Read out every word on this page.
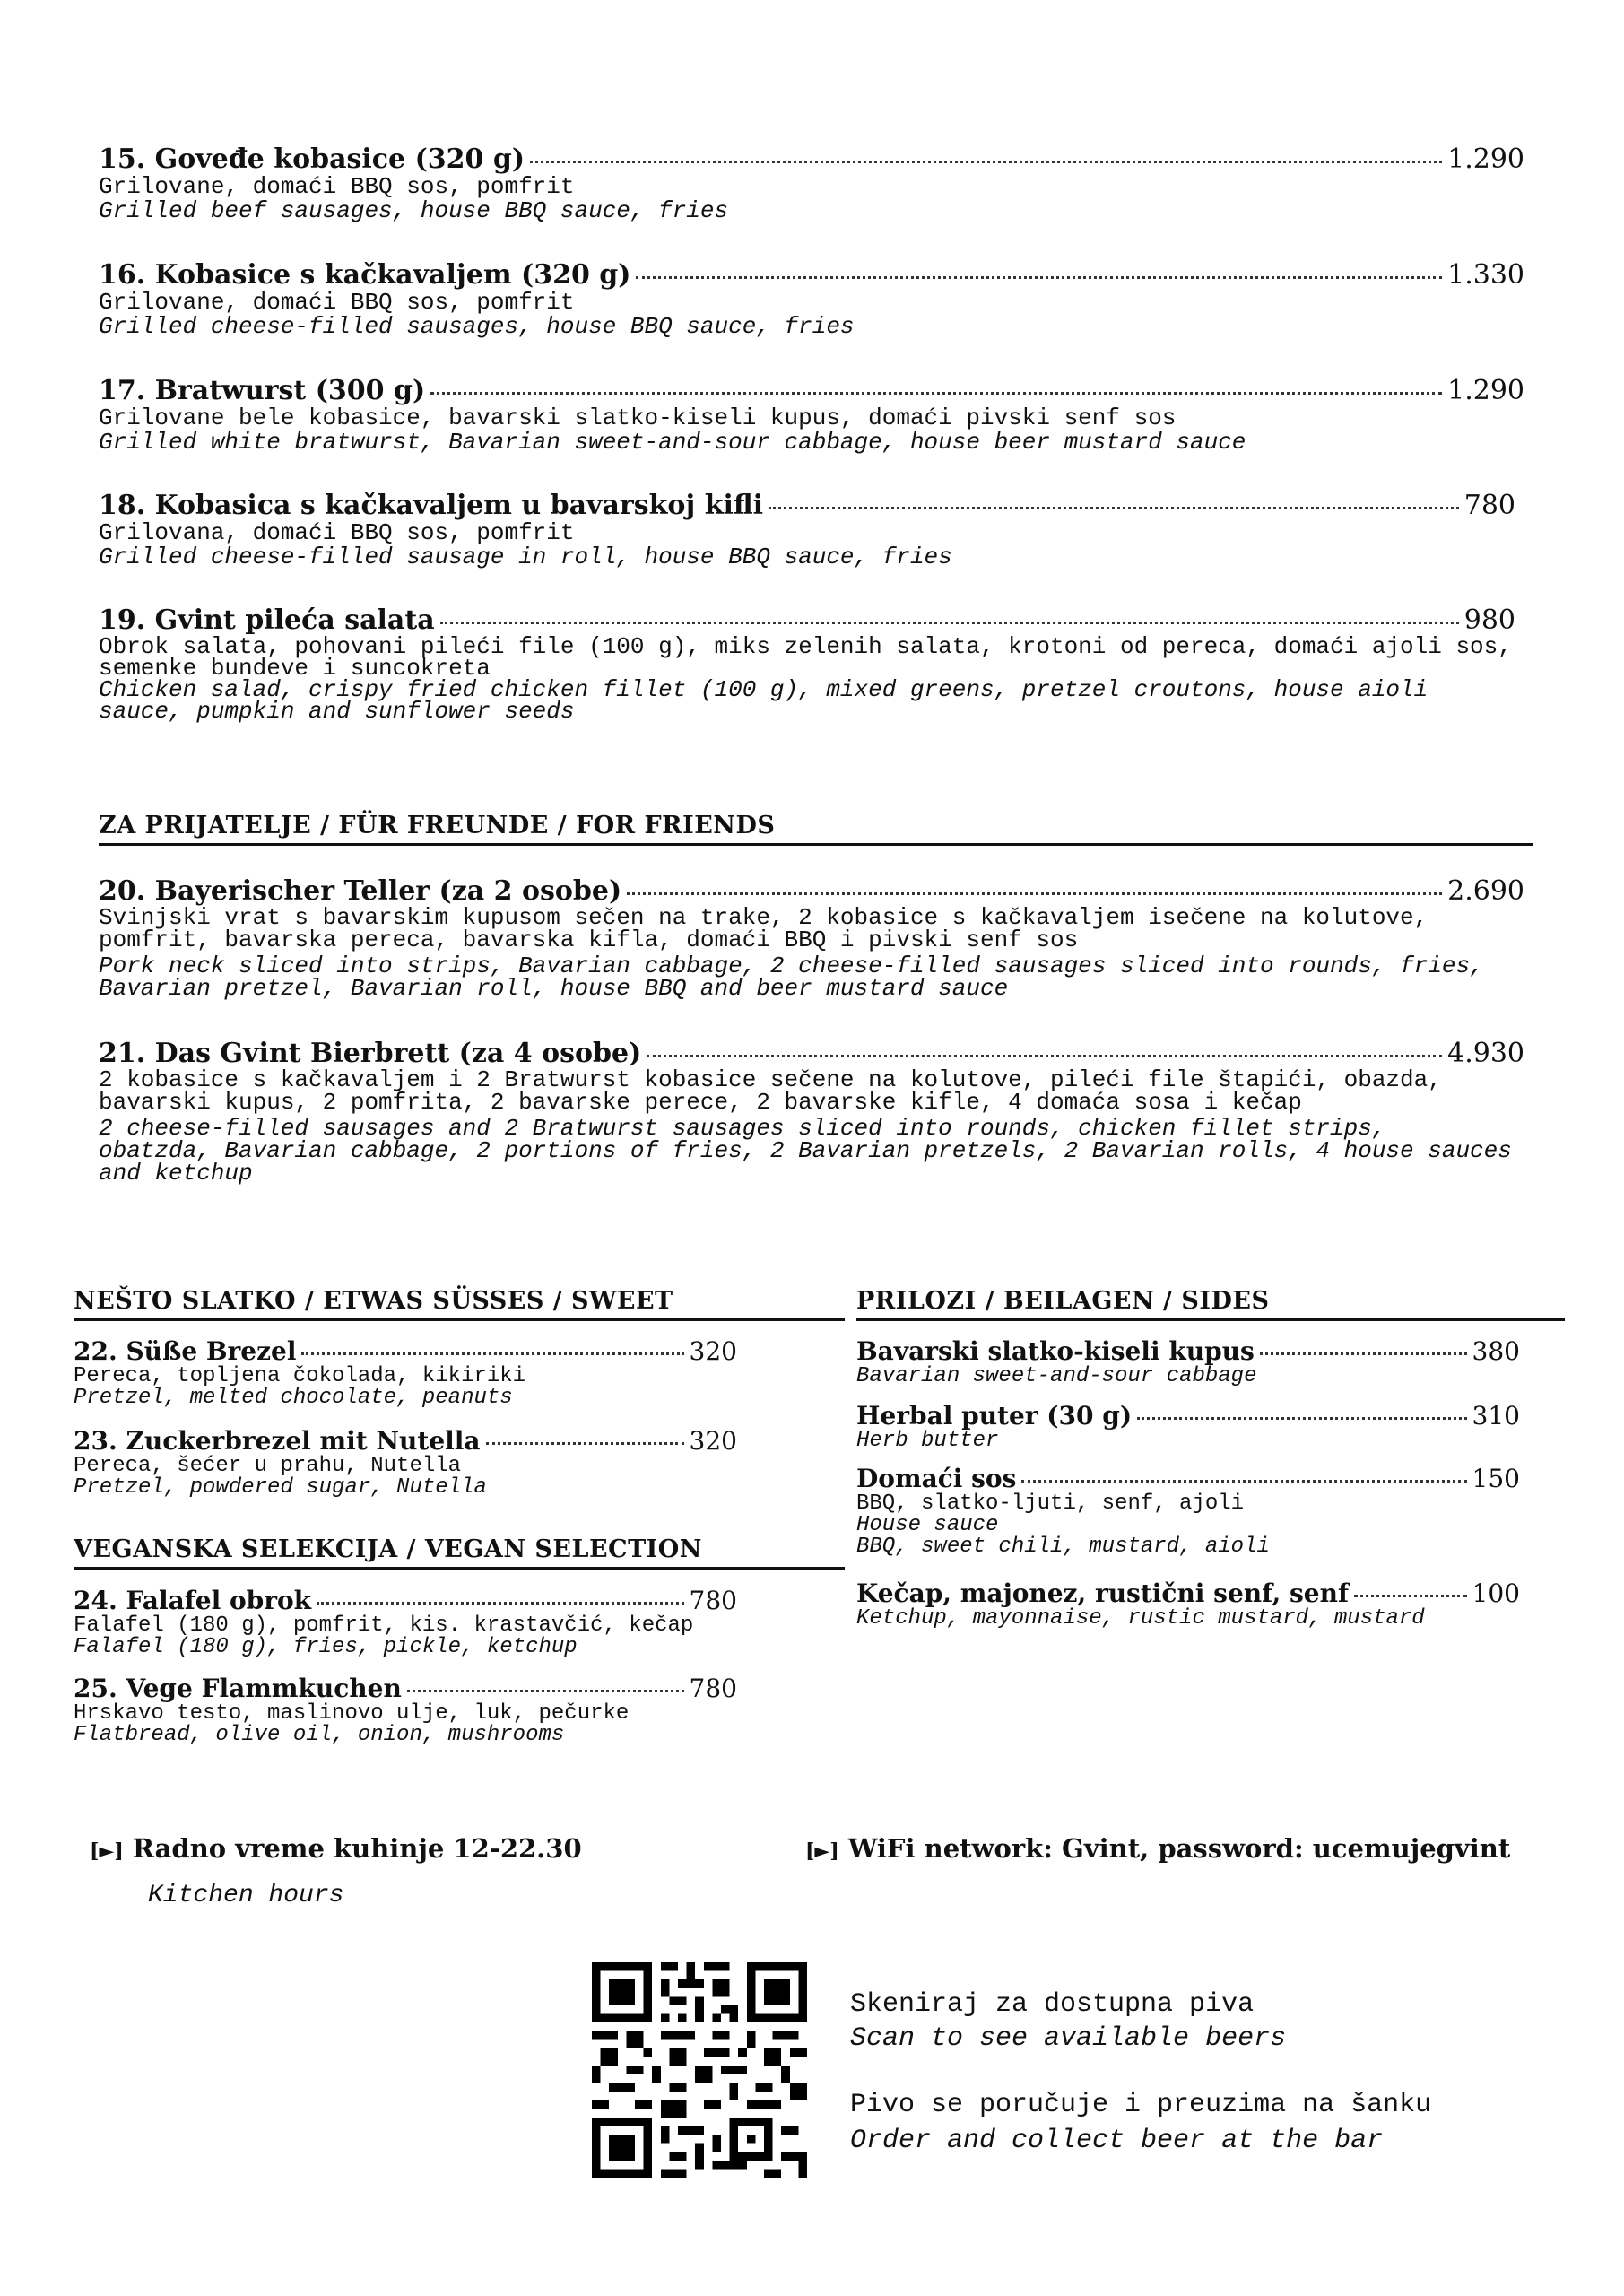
15. Goveđe kobasice (320 g)	1.290
Grilovane, domaći BBQ sos, pomfrit
Grilled beef sausages, house BBQ sauce, fries
16. Kobasice s kačkavaljem (320 g)	1.330
Grilovane, domaći BBQ sos, pomfrit
Grilled cheese-filled sausages, house BBQ sauce, fries
17. Bratwurst (300 g)	1.290
Grilovane bele kobasice, bavarski slatko-kiseli kupus, domaći pivski senf sos
Grilled white bratwurst, Bavarian sweet-and-sour cabbage, house beer mustard sauce
18. Kobasica s kačkavaljem u bavarskoj kifli	780
Grilovana, domaći BBQ sos, pomfrit
Grilled cheese-filled sausage in roll, house BBQ sauce, fries
19. Gvint pileća salata	980
Obrok salata, pohovani pileći file (100 g), miks zelenih salata, krotoni od pereca, domaći ajoli sos,
semenke bundeve i suncokreta
Chicken salad, crispy fried chicken fillet (100 g), mixed greens, pretzel croutons, house aioli
sauce, pumpkin and sunflower seeds
ZA PRIJATELJE / FÜR FREUNDE / FOR FRIENDS
20. Bayerischer Teller (za 2 osobe)	2.690
Svinjski vrat s bavarskim kupusom sečen na trake, 2 kobasice s kačkavaljem isečene na kolutove,
pomfrit, bavarska pereca, bavarska kifla, domaći BBQ i pivski senf sos
Pork neck sliced into strips, Bavarian cabbage, 2 cheese-filled sausages sliced into rounds, fries,
Bavarian pretzel, Bavarian roll, house BBQ and beer mustard sauce
21. Das Gvint Bierbrett (za 4 osobe)	4.930
2 kobasice s kačkavaljem i 2 Bratwurst kobasice sečene na kolutove, pileći file štapići, obazda,
bavarski kupus, 2 pomfrita, 2 bavarske perece, 2 bavarske kifle, 4 domaća sosa i kečap
2 cheese-filled sausages and 2 Bratwurst sausages sliced into rounds, chicken fillet strips,
obatzda, Bavarian cabbage, 2 portions of fries, 2 Bavarian pretzels, 2 Bavarian rolls, 4 house sauces
and ketchup
NEŠTO SLATKO / ETWAS SÜSSES / SWEET
22. Süße Brezel	320
Pereca, topljena čokolada, kikiriki
Pretzel, melted chocolate, peanuts
23. Zuckerbrezel mit Nutella	320
Pereca, šećer u prahu, Nutella
Pretzel, powdered sugar, Nutella
VEGANSKA SELEKCIJA / VEGAN SELECTION
24. Falafel obrok	780
Falafel (180 g), pomfrit, kis. krastavčić, kečap
Falafel (180 g), fries, pickle, ketchup
25. Vege Flammkuchen	780
Hrskavo testo, maslinovo ulje, luk, pečurke
Flatbread, olive oil, onion, mushrooms
PRILOZI / BEILAGEN / SIDES
Bavarski slatko-kiseli kupus	380
Bavarian sweet-and-sour cabbage
Herbal puter (30 g)	310
Herb butter
Domaći sos	150
BBQ, slatko-ljuti, senf, ajoli
House sauce
BBQ, sweet chili, mustard, aioli
Kečap, majonez, rustični senf, senf	100
Ketchup, mayonnaise, rustic mustard, mustard
[►] Radno vreme kuhinje 12-22.30
Kitchen hours
[►] WiFi network: Gvint, password: ucemujegvint
Skeniraj za dostupna piva
Scan to see available beers
Pivo se poručuje i preuzima na šanku
Order and collect beer at the bar
